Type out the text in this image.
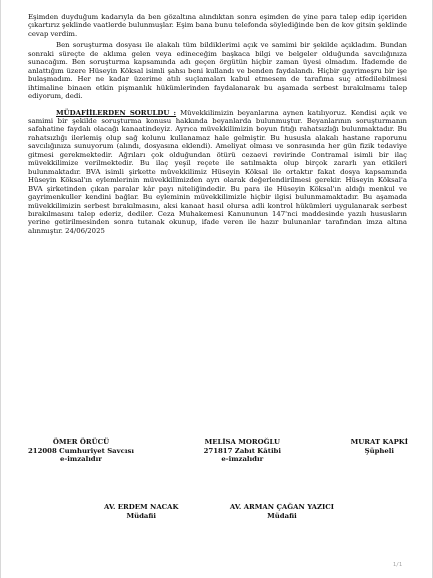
Eşimden duyduğum kadarıyla da ben gözaltına alındıktan sonra eşimden de yine para talep edip içeriden çıkartırız şeklinde vaatlerde bulunmuşlar. Eşim bana bunu telefonda söylediğinde ben de kov gitsin şeklinde cevap verdim.

Ben soruşturma dosyası ile alakalı tüm bildiklerimi açık ve samimi bir şekilde açıkladım. Bundan sonraki süreçte de aklıma gelen veya edineceğim başkaca bilgi ve belgeler olduğunda savcılığınıza sunacağım. Ben soruşturma kapsamında adı geçen örgütün hiçbir zaman üyesi olmadım. İfademde de anlattığım üzere Hüseyin Köksal isimli şahsı beni kullandı ve benden faydalandı. Hiçbir gayrimeşru bir işe bulaşmadım. Her ne kadar üzerime atılı suçlamaları kabul etmesem de tarafıma suç atfedilebilmesi ihtimaline binaen etkin pişmanlık hükümlerinden faydalanarak bu aşamada serbest bırakılmamı talep ediyorum, dedi.

MÜDAFİİLERDEN SORULDU : Müvekkilimizin beyanlarına aynen katılıyoruz. Kendisi açık ve samimi bir şekilde soruşturma konusu hakkında beyanlarda bulunmuştur. Beyanlarının soruşturmanın safahatine faydalı olacağı kanaatindeyiz. Ayrıca müvekkilimizin boyun fıtığı rahatsızlığı bulunmaktadır. Bu rahatsızlığı ilerlemiş olup sağ kolunu kullanamaz hale gelmiştir. Bu hususla alakalı hastane raporunu savcılığınıza sunuyorum (alındı, dosyasına eklendi). Ameliyat olması ve sonrasında her gün fizik tedaviye gitmesi gerekmektedir. Ağrıları çok olduğundan ötürü cezaevi revirinde Contramal isimli bir ilaç müvekkilimize verilmektedir. Bu ilaç yeşil reçete ile satılmakta olup birçok zararlı yan etkileri bulunmaktadır. BVA isimli şirkette müvekkilimiz Hüseyin Köksal ile ortaktır fakat dosya kapsamında Hüseyin Köksal'ın eylemlerinin müvekkilimizden ayrı olarak değerlendirilmesi gerekir. Hüseyin Köksal'a BVA şirketinden çıkan paralar kâr payı niteliğindedir. Bu para ile Hüseyin Köksal'ın aldığı menkul ve gayrimenkuller kendini bağlar. Bu eyleminin müvekkilimizle hiçbir ilgisi bulunmamaktadır. Bu aşamada müvekkilimizin serbest bırakılmasını, aksi kanaat hasıl olursa adli kontrol hükümleri uygulanarak serbest bırakılmasını talep ederiz, dediler. Ceza Muhakemesi Kanununun 147'nci maddesinde yazılı hususların yerine getirilmesinden sonra tutanak okunup, ifade veren ile hazır bulunanlar tarafından imza altına alınmıştır. 24/06/2025

ÖMER ÖRÜCÜ
212008 Cumhuriyet Savcısı
e-imzalıdır
MELİSA MOROĞLU
271817 Zabıt Kâtibi
e-imzalıdır
MURAT KAPKİ
Şüpheli
AV. ERDEM NACAK
Müdafii
AV. ARMAN ÇAĞAN YAZICI
Müdafii
1/1
